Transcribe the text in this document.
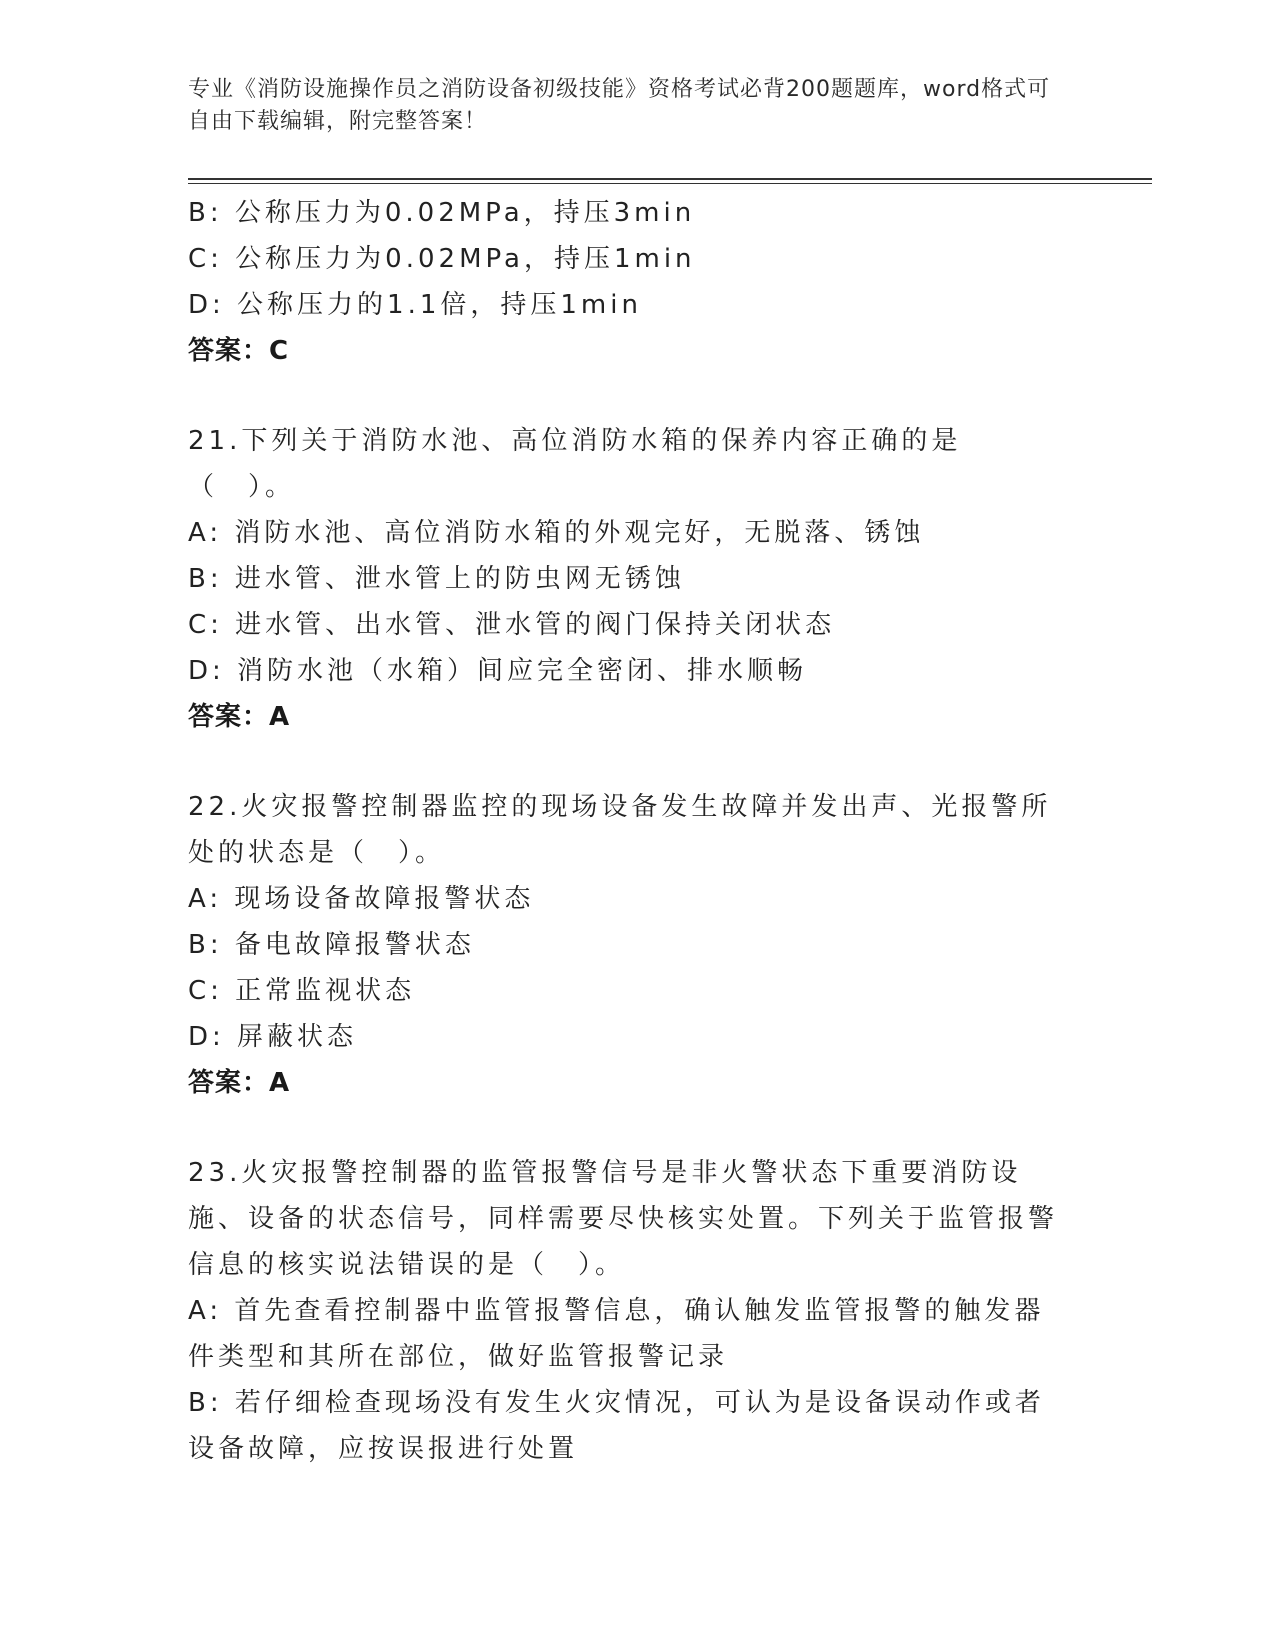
专业《消防设施操作员之消防设备初级技能》资格考试必背200题题库，word格式可自由下载编辑，附完整答案！
B: 公称压力为0.02MPa，持压3min
C: 公称压力为0.02MPa，持压1min
D: 公称压力的1.1倍，持压1min
答案：C
21.下列关于消防水池、高位消防水箱的保养内容正确的是（　）。
A: 消防水池、高位消防水箱的外观完好，无脱落、锈蚀
B: 进水管、泄水管上的防虫网无锈蚀
C: 进水管、出水管、泄水管的阀门保持关闭状态
D: 消防水池（水箱）间应完全密闭、排水顺畅
答案：A
22.火灾报警控制器监控的现场设备发生故障并发出声、光报警所处的状态是（　）。
A: 现场设备故障报警状态
B: 备电故障报警状态
C: 正常监视状态
D: 屏蔽状态
答案：A
23.火灾报警控制器的监管报警信号是非火警状态下重要消防设施、设备的状态信号，同样需要尽快核实处置。下列关于监管报警信息的核实说法错误的是（　）。
A: 首先查看控制器中监管报警信息，确认触发监管报警的触发器件类型和其所在部位，做好监管报警记录
B: 若仔细检查现场没有发生火灾情况，可认为是设备误动作或者设备故障，应按误报进行处置
